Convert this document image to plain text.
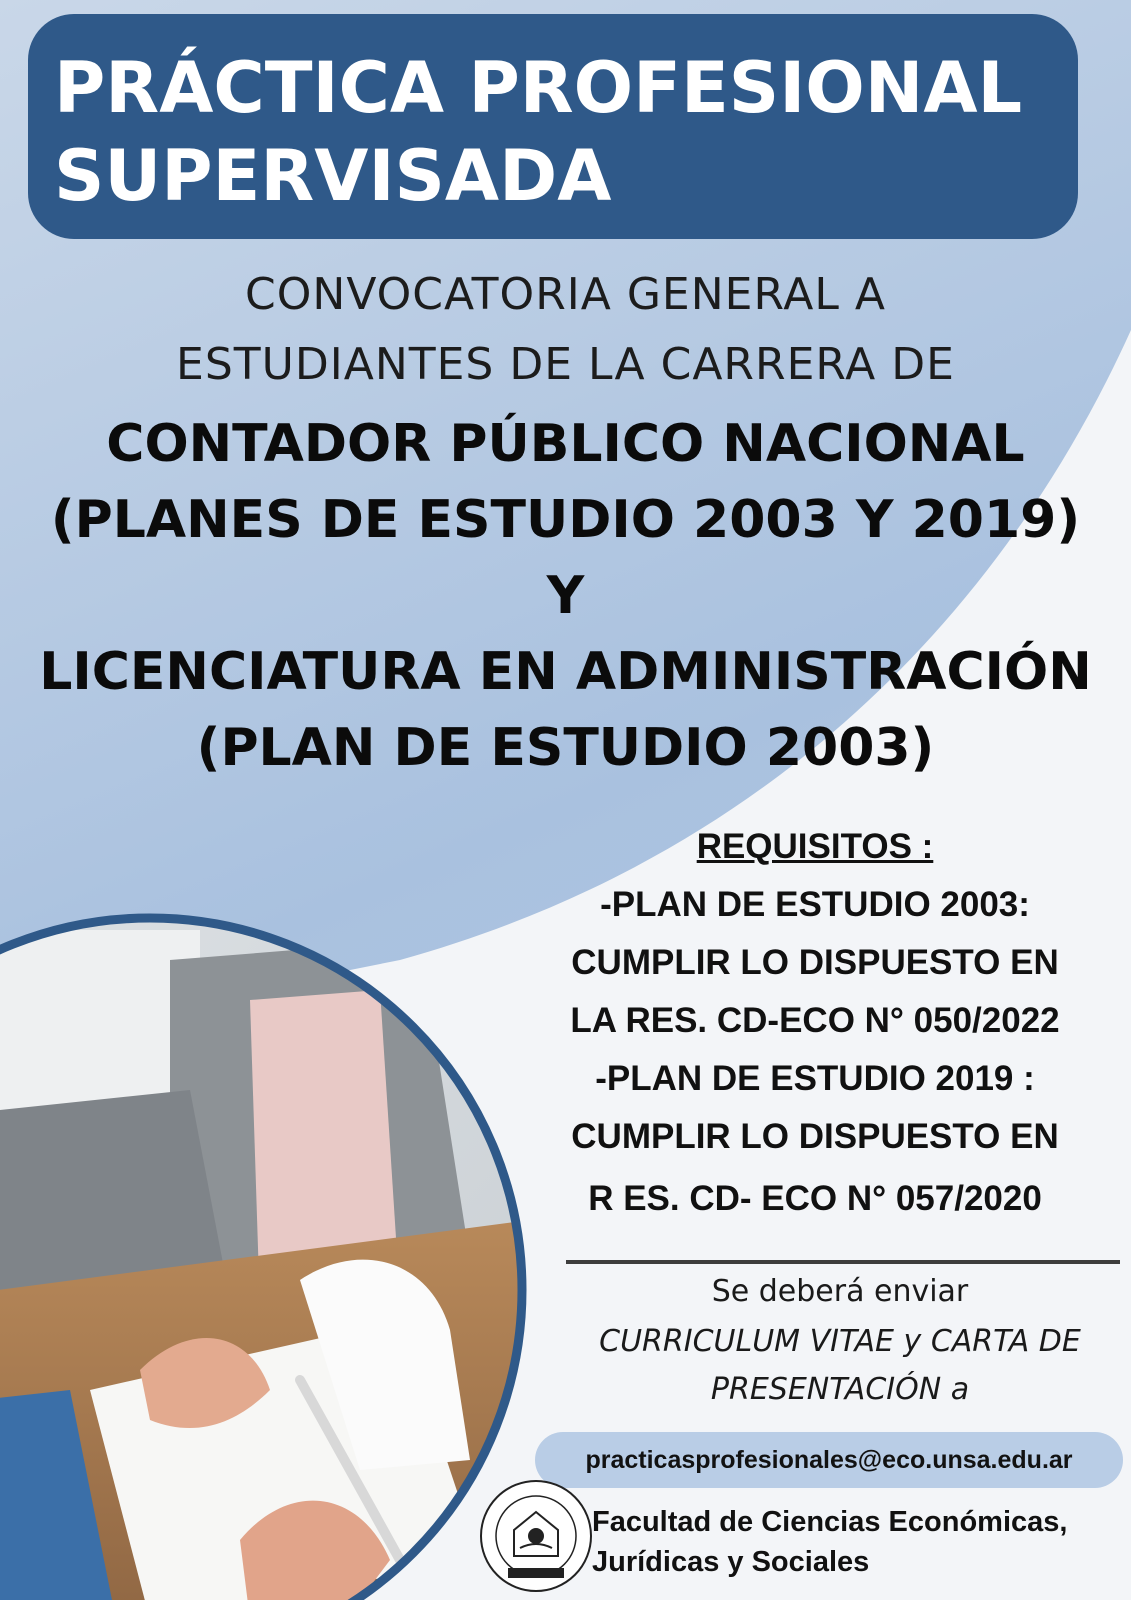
PRÁCTICA PROFESIONAL
SUPERVISADA
CONVOCATORIA GENERAL A
ESTUDIANTES DE LA CARRERA DE
CONTADOR PÚBLICO NACIONAL
(PLANES DE ESTUDIO 2003 Y 2019)
Y
LICENCIATURA EN ADMINISTRACIÓN
(PLAN DE ESTUDIO 2003)
REQUISITOS :
-PLAN DE ESTUDIO 2003:
CUMPLIR LO DISPUESTO EN
LA RES. CD-ECO N° 050/2022
-PLAN DE ESTUDIO 2019 :
CUMPLIR LO DISPUESTO EN
R ES. CD- ECO N° 057/2020
Se deberá enviar
CURRICULUM VITAE y CARTA DE
PRESENTACIÓN a
practicasprofesionales@eco.unsa.edu.ar
Facultad de Ciencias Económicas,
Jurídicas y Sociales
